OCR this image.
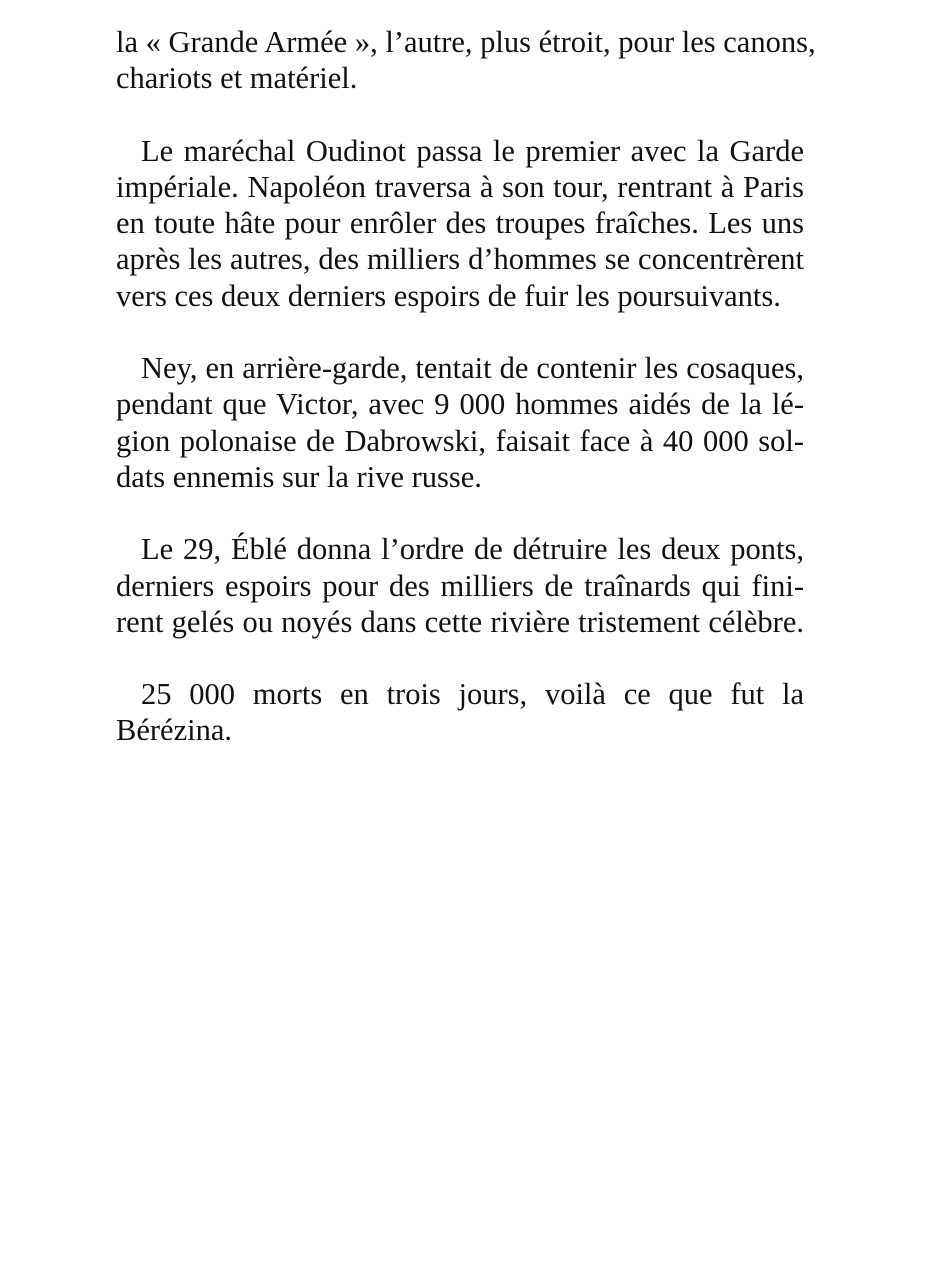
la « Grande Armée », l’autre, plus étroit, pour les canons,
chariots et matériel.

Le maréchal Oudinot passa le premier avec la Garde
impériale. Napoléon traversa à son tour, rentrant à Paris
en toute hâte pour enrôler des troupes fraîches. Les uns
après les autres, des milliers d’hommes se concentrèrent
vers ces deux derniers espoirs de fuir les poursuivants.

Ney, en arrière-garde, tentait de contenir les cosaques,
pendant que Victor, avec 9 000 hommes aidés de la lé-
gion polonaise de Dabrowski, faisait face à 40 000 sol-
dats ennemis sur la rive russe.

Le 29, Éblé donna l’ordre de détruire les deux ponts,
derniers espoirs pour des milliers de traînards qui fini-
rent gelés ou noyés dans cette rivière tristement célèbre.

25 000 morts en trois jours, voilà ce que fut la
Bérézina.
